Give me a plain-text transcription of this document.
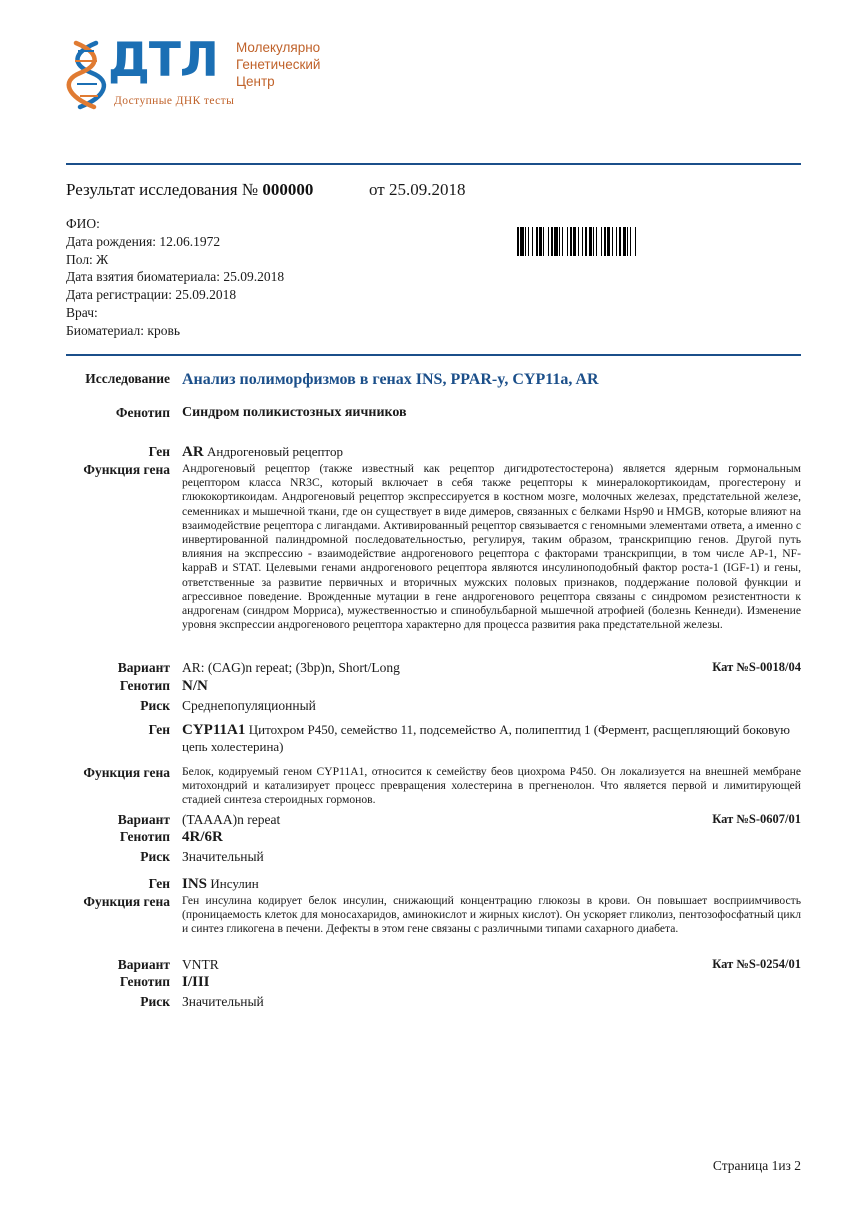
ДТЛ Молекулярно
Генетический
Центр
Доступные ДНК тесты
Результат исследования № 000000	от 25.09.2018
ФИО:
Дата рождения: 12.06.1972
Пол: Ж
Дата взятия биоматериала: 25.09.2018
Дата регистрации: 25.09.2018
Врач:
Биоматериал: кровь
Исследование Анализ полиморфизмов в генах INS, PPAR-y, CYP11a, AR
Фенотип Синдром поликистозных яичников
Ген AR Андрогеновый рецептор
Функция гена Андрогеновый рецептор (также известный как рецептор дигидротестостерона) является ядерным гормональным рецептором класса NR3C, который включает в себя также рецепторы к минералокортикоидам, прогестерону и глюкокортикоидам. Андрогеновый рецептор экспрессируется в костном мозге, молочных железах, предстательной железе, семенниках и мышечной ткани, где он существует в виде димеров, связанных с белками Hsp90 и HMGB, которые влияют на взаимодействие рецептора с лигандами. Активированный рецептор связывается с геномными элементами ответа, а именно с инвертированной палиндромной последовательностью, регулируя, таким образом, транскрипцию генов. Другой путь влияния на экспрессию - взаимодействие андрогенового рецептора с факторами транскрипции, в том числе AP-1, NF-kappaB и STAT. Целевыми генами андрогенового рецептора являются инсулиноподобный фактор роста-1 (IGF-1) и гены, ответственные за развитие первичных и вторичных мужских половых признаков, поддержание половой функции и агрессивное поведение. Врожденные мутации в гене андрогенового рецептора связаны с синдромом резистентности к андрогенам (синдром Морриса), мужественностью и спинобульбарной мышечной атрофией (болезнь Кеннеди). Изменение уровня экспрессии андрогенового рецептора характерно для процесса развития рака предстательной железы.
Вариант AR: (CAG)n repeat; (3bp)n, Short/Long	Кат №S-0018/04
Генотип N/N
Риск Среднепопуляционный
Ген CYP11A1 Цитохром P450, семейство 11, подсемейство A, полипептид 1 (Фермент, расщепляющий боковую цепь холестерина)
Функция гена Белок, кодируемый геном CYP11A1, относится к семейству беов циохрома P450. Он локализуется на внешней мембране митохондрий и катализирует процесс превращения холестерина в прегненолон. Что является первой и лимитирующей стадией синтеза стероидных гормонов.
Вариант (TAAAA)n repeat	Кат №S-0607/01
Генотип 4R/6R
Риск Значительный
Ген INS Инсулин
Функция гена Ген инсулина кодирует белок инсулин, снижающий концентрацию глюкозы в крови. Он повышает восприимчивость (проницаемость клеток для моносахаридов, аминокислот и жирных кислот). Он ускоряет гликолиз, пентозофосфатный цикл и синтез гликогена в печени. Дефекты в этом гене связаны с различными типами сахарного диабета.
Вариант VNTR	Кат №S-0254/01
Генотип I/III
Риск Значительный
Страница 1из 2
